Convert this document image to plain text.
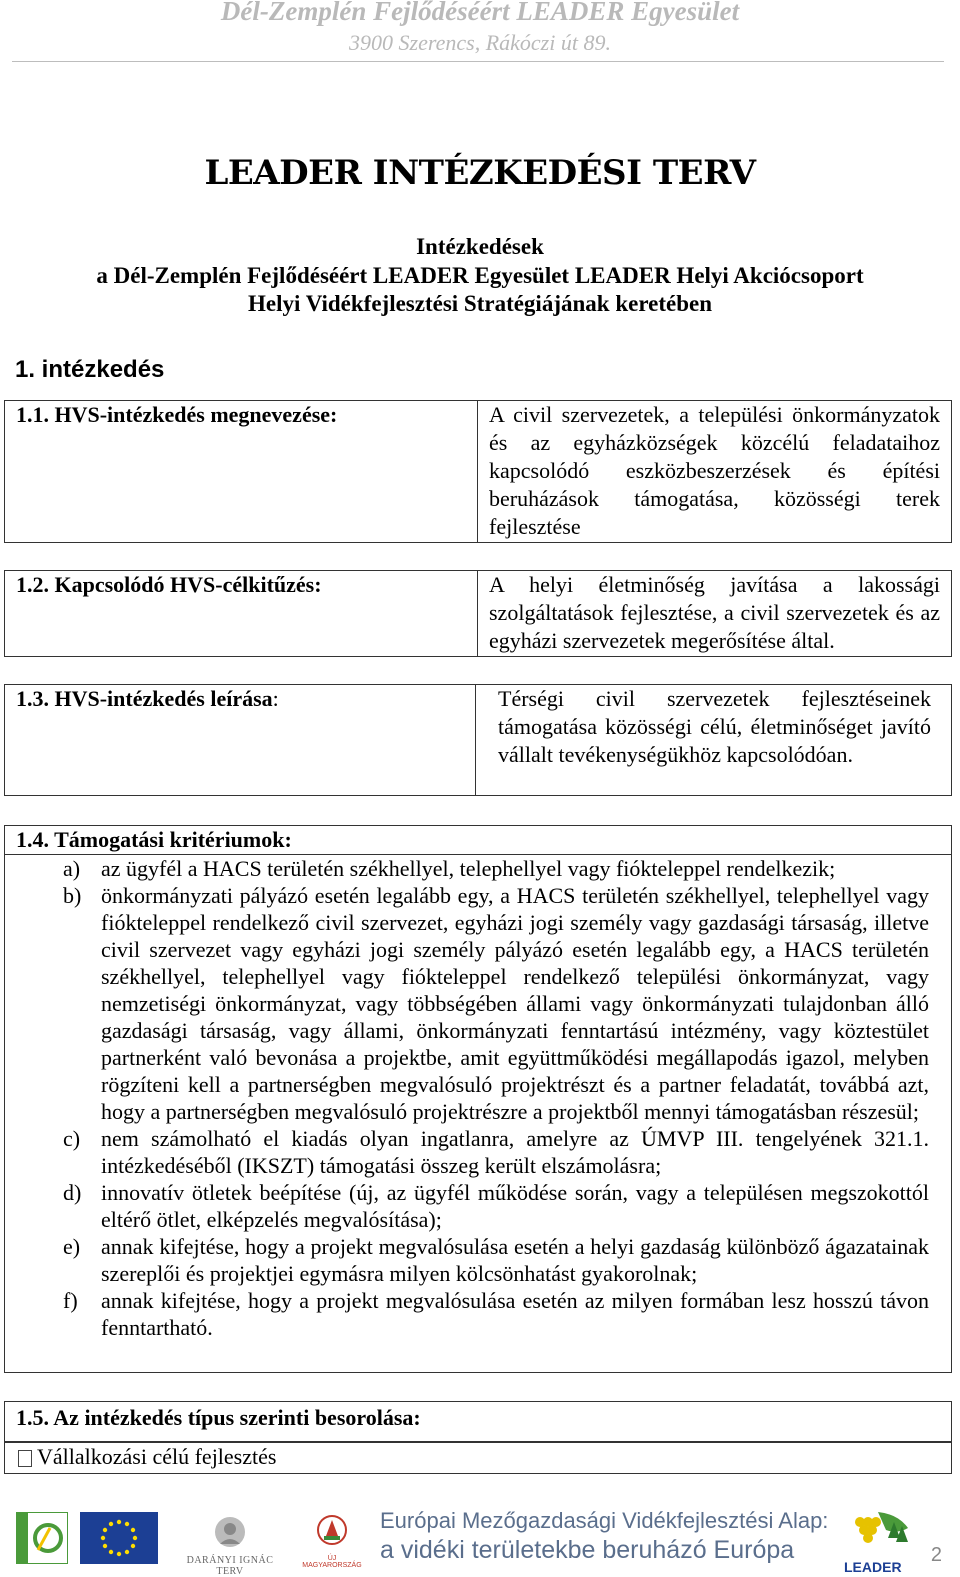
Dél-Zemplén Fejlődéséért LEADER Egyesület
3900 Szerencs, Rákóczi út 89.
LEADER INTÉZKEDÉSI TERV
Intézkedések
a Dél-Zemplén Fejlődéséért LEADER Egyesület LEADER Helyi Akciócsoport
Helyi Vidékfejlesztési Stratégiájának keretében
1. intézkedés
1.1. HVS-intézkedés megnevezése:	A civil szervezetek, a települési önkormányzatok és az egyházközségek közcélú feladataihoz kapcsolódó eszközbeszerzések és építési beruházások támogatása, közösségi terek fejlesztése
1.2. Kapcsolódó HVS-célkitűzés:	A helyi életminőség javítása a lakossági szolgáltatások fejlesztése, a civil szervezetek és az egyházi szervezetek megerősítése által.
1.3. HVS-intézkedés leírása:	Térségi civil szervezetek fejlesztéseinek támogatása közösségi célú, életminőséget javító vállalt tevékenységükhöz kapcsolódóan.
1.4. Támogatási kritériumok:
a) az ügyfél a HACS területén székhellyel, telephellyel vagy fiókteleppel rendelkezik;
b) önkormányzati pályázó esetén legalább egy, a HACS területén székhellyel, telephellyel vagy fiókteleppel rendelkező civil szervezet, egyházi jogi személy vagy gazdasági társaság, illetve civil szervezet vagy egyházi jogi személy pályázó esetén legalább egy, a HACS területén székhellyel, telephellyel vagy fiókteleppel rendelkező települési önkormányzat, vagy nemzetiségi önkormányzat, vagy többségében állami vagy önkormányzati tulajdonban álló gazdasági társaság, vagy állami, önkormányzati fenntartású intézmény, vagy köztestület partnerként való bevonása a projektbe, amit együttműködési megállapodás igazol, melyben rögzíteni kell a partnerségben megvalósuló projektrészt és a partner feladatát, továbbá azt, hogy a partnerségben megvalósuló projektrészre a projektből mennyi támogatásban részesül;
c) nem számolható el kiadás olyan ingatlanra, amelyre az ÚMVP III. tengelyének 321.1. intézkedéséből (IKSZT) támogatási összeg került elszámolásra;
d) innovatív ötletek beépítése (új, az ügyfél működése során, vagy a településen megszokottól eltérő ötlet, elképzelés megvalósítása);
e) annak kifejtése, hogy a projekt megvalósulása esetén a helyi gazdaság különböző ágazatainak szereplői és projektjei egymásra milyen kölcsönhatást gyakorolnak;
f) annak kifejtése, hogy a projekt megvalósulása esetén az milyen formában lesz hosszú távon fenntartható.
1.5. Az intézkedés típus szerinti besorolása:
Vállalkozási célú fejlesztés
DARÁNYI IGNÁC TERV
ÚJ MAGYARORSZÁG
Európai Mezőgazdasági Vidékfejlesztési Alap:
a vidéki területekbe beruházó Európa
LEADER
2
